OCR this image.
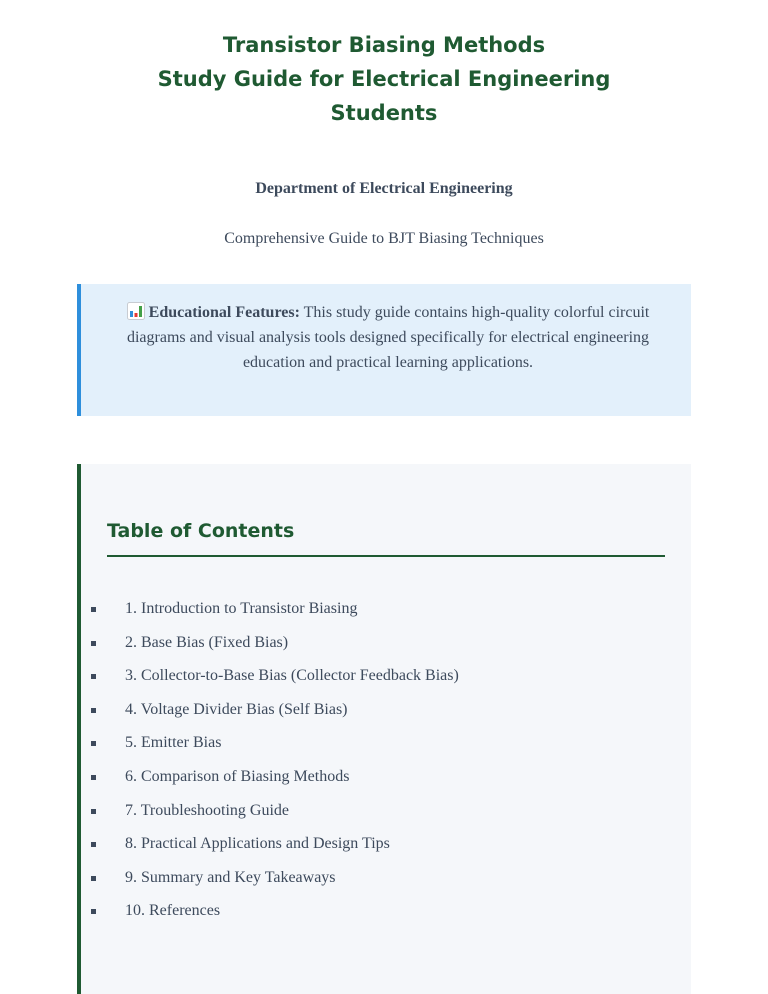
Transistor Biasing Methods
Study Guide for Electrical Engineering
Students

Department of Electrical Engineering

Comprehensive Guide to BJT Biasing Techniques

Educational Features: This study guide contains high-quality colorful circuit diagrams and visual analysis tools designed specifically for electrical engineering education and practical learning applications.
Table of Contents
1. Introduction to Transistor Biasing
2. Base Bias (Fixed Bias)
3. Collector-to-Base Bias (Collector Feedback Bias)
4. Voltage Divider Bias (Self Bias)
5. Emitter Bias
6. Comparison of Biasing Methods
7. Troubleshooting Guide
8. Practical Applications and Design Tips
9. Summary and Key Takeaways
10. References
